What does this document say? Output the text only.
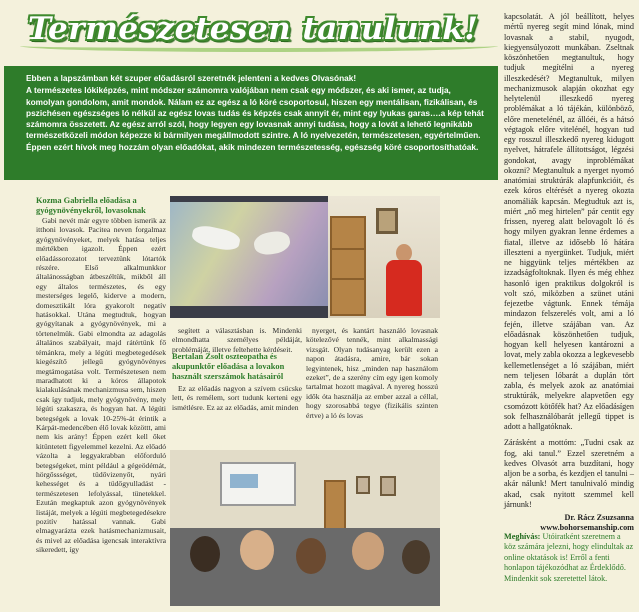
Természetesen tanulunk!

Ebben a lapszámban két szuper előadásról szeretnék jelenteni a kedves Olvasónak!

A természetes lókiképzés, mint módszer számomra valójában nem csak egy módszer, és aki ismer, az tudja, komolyan gondolom, amit mondok. Nálam ez az egész a ló köré csoportosul, hiszen egy mentálisan, fizikálisan, és pszichésen egészséges ló nélkül az egész lovas tudás és képzés csak annyit ér, mint egy lyukas garas….a kép tehát számomra összetett. Az egész arról szól, hogy legyen egy lovasnak annyi tudása, hogy a lovát a lehető legnikább természetközeli módon képezze ki bármilyen megállmodott szintre. A ló nyelvezetén, természetesen, egyértelműen. Éppen ezért hívok meg hozzám olyan előadókat, akik mindezen természetesség, egészség köré csoportosíthatóak.

kapcsolatát. A jól beállított, helyes mértű nyereg segít mind lónak, mind lovasnak a stabil, nyugodt, kiegyensúlyozott munkában. Zseltnak köszönhetően megtanultuk, hogy tudjuk megítélni a nyereg illeszkedését? Megtanultuk, milyen mechanizmusok alapján okozhat egy helytelenül illeszkedő nyereg problémákat a ló tájékán, különböző, előre menetelénél, az állóéi, és a hátsó végtagok előre vitelénél, hogyan tud egy rosszul illeszkedő nyereg kidugott nyelvet, hátrafele állítottságot, légzési gondokat, avagy inproblémákat okozni? Megtanultuk a nyerget nyomó anatómiai struktúrák alapfunkcióit, és ezek kóros eltérését a nyereg okozta anomáliák kapcsán. Megtudtuk azt is, miért „nő meg hirtelen” pár centit egy frissen, nyereg alatt belovagolt ló és hogy milyen gyakran lenne érdemes a fiatal, illetve az idősebb ló hátára illeszteni a nyergünket. Tudjuk, miért ne higgyünk teljes mértékben az izzadságfoltoknak. Ilyen és még ehhez hasonló igen praktikus dolgokról is volt szó, miközben a szünet utáni fejezetbe vágtunk. Ennek témája mindazon felszerelés volt, ami a ló fején, illetve szájában van. Az előadásnak köszönhetően tudjuk, hogyan kell helyesen kantározni a lovat, mely zabla okozza a legkevesebb kellemetlenséget a ló szájában, miért nem teljesen lóbarát a duplán tört zabla, és melyek azok az anatómiai struktúrák, melyekre alapvetően egy csomózott kötőfék hat? Az előadásígen sok felhasználóbarát jellegű tippet is adott a hallgatóknak.

Zárásként a mottóm: „Tudni csak az fog, aki tanul.” Ezzel szeretném a kedves Olvasót arra buzdítani, hogy aljon be a sorba, és kezdjen el tanulni – akár nálunk! Mert tanulnivaló mindig akad, csak nyitott szemmel kell járnunk!

Dr. Rácz Zsuzsanna

www.bohorsemanship.com

Meghívás: Utóiratként szeretnem a köz számára jelezni, hogy elindultak az online oktatások is! Erről a fenti honlapon tájékozódhat az Érdeklődő. Mindenkit sok szeretettel látok.
Kozma Gabriella előadása a gyógynövényekről, lovasoknak

Gabi nevét már egyre többen ismerik az itthoni lovasok. Pacitea neven forgalmaz gyógynövényeket, melyek hatása teljes mértékben igazolt. Éppen ezért előadássorozatot terveztünk lótartók részére. Első alkalmunkkor általánosságban átbeszéltük, mikből áll egy általos természetes, és egy mesterséges legelő, kiderve a modern, domesztikált lóra gyakorolt negatív hatásokkal. Utána megtudtuk, hogyan gyógyítanak a gyógynövények, mi a törtenelmük. Gabi elmondta az adagolás általános szabályait, majd rátértünk fő témánkra, mely a légúti megbetegedések kiegészítő jellegű gyógynövényes megtámogatása volt. Természetesen nem maradhatott ki a kóros állapotok kialakulásának mechanizmusa sem, hiszen csak így tudjuk, mely gyógynövény, mely légúti szakaszra, és hogyan hat. A légúti betegségek a lovak 10-25%-át érintik a Kárpát-medencében élő lovak közöttt, ami nem kis arány! Éppen ezért kell őket kitüntetett figyelemmel kezelni. Az előadó vázolta a leggyakrabban előforduló betegségeket, mint például a gégeödémát, hörgőssséget, tüdővizenyőt, nyári kehességet és a tüdőgyulladást - természetesen lefolyással, tünetekkel. Ezután megkaptuk azon gyógynövények listáját, melyek a légúti megbetegedésekre pozitív hatással vannak. Gabi elmagyarázta ezek hatásmechanizmusait, és mivel az előadása igencsak interaktívra sikeredett, így

segített a választásban is. Mindenki elmondhatta személyes példáját, problémáját, illetve feltehette kérdéseit.

Bertalan Zsolt oszteopatha és akupunktőr előadása a lovakon használt szerszámok hatásairól

Ez az előadás nagyon a szívem csücske lett, és remélem, sort tudunk kerteni egy ismétlésre. Ez az az előadás, amit minden

nyerget, és kantárt használó lovasnak kötelezővé tennék, mint alkalmassági vizsgát. Olyan tudásanyag került ezen a napon átadásra, amire, bár sokan legyintenek, hisz „minden nap használom ezeket”, de a szerény cím egy igen komoly tartalmat hozott magával. A nyereg hosszú idők óta használja az ember azzal a céllal, hogy szorosabbá tegye (fizikális szinten értve) a ló és lovas
